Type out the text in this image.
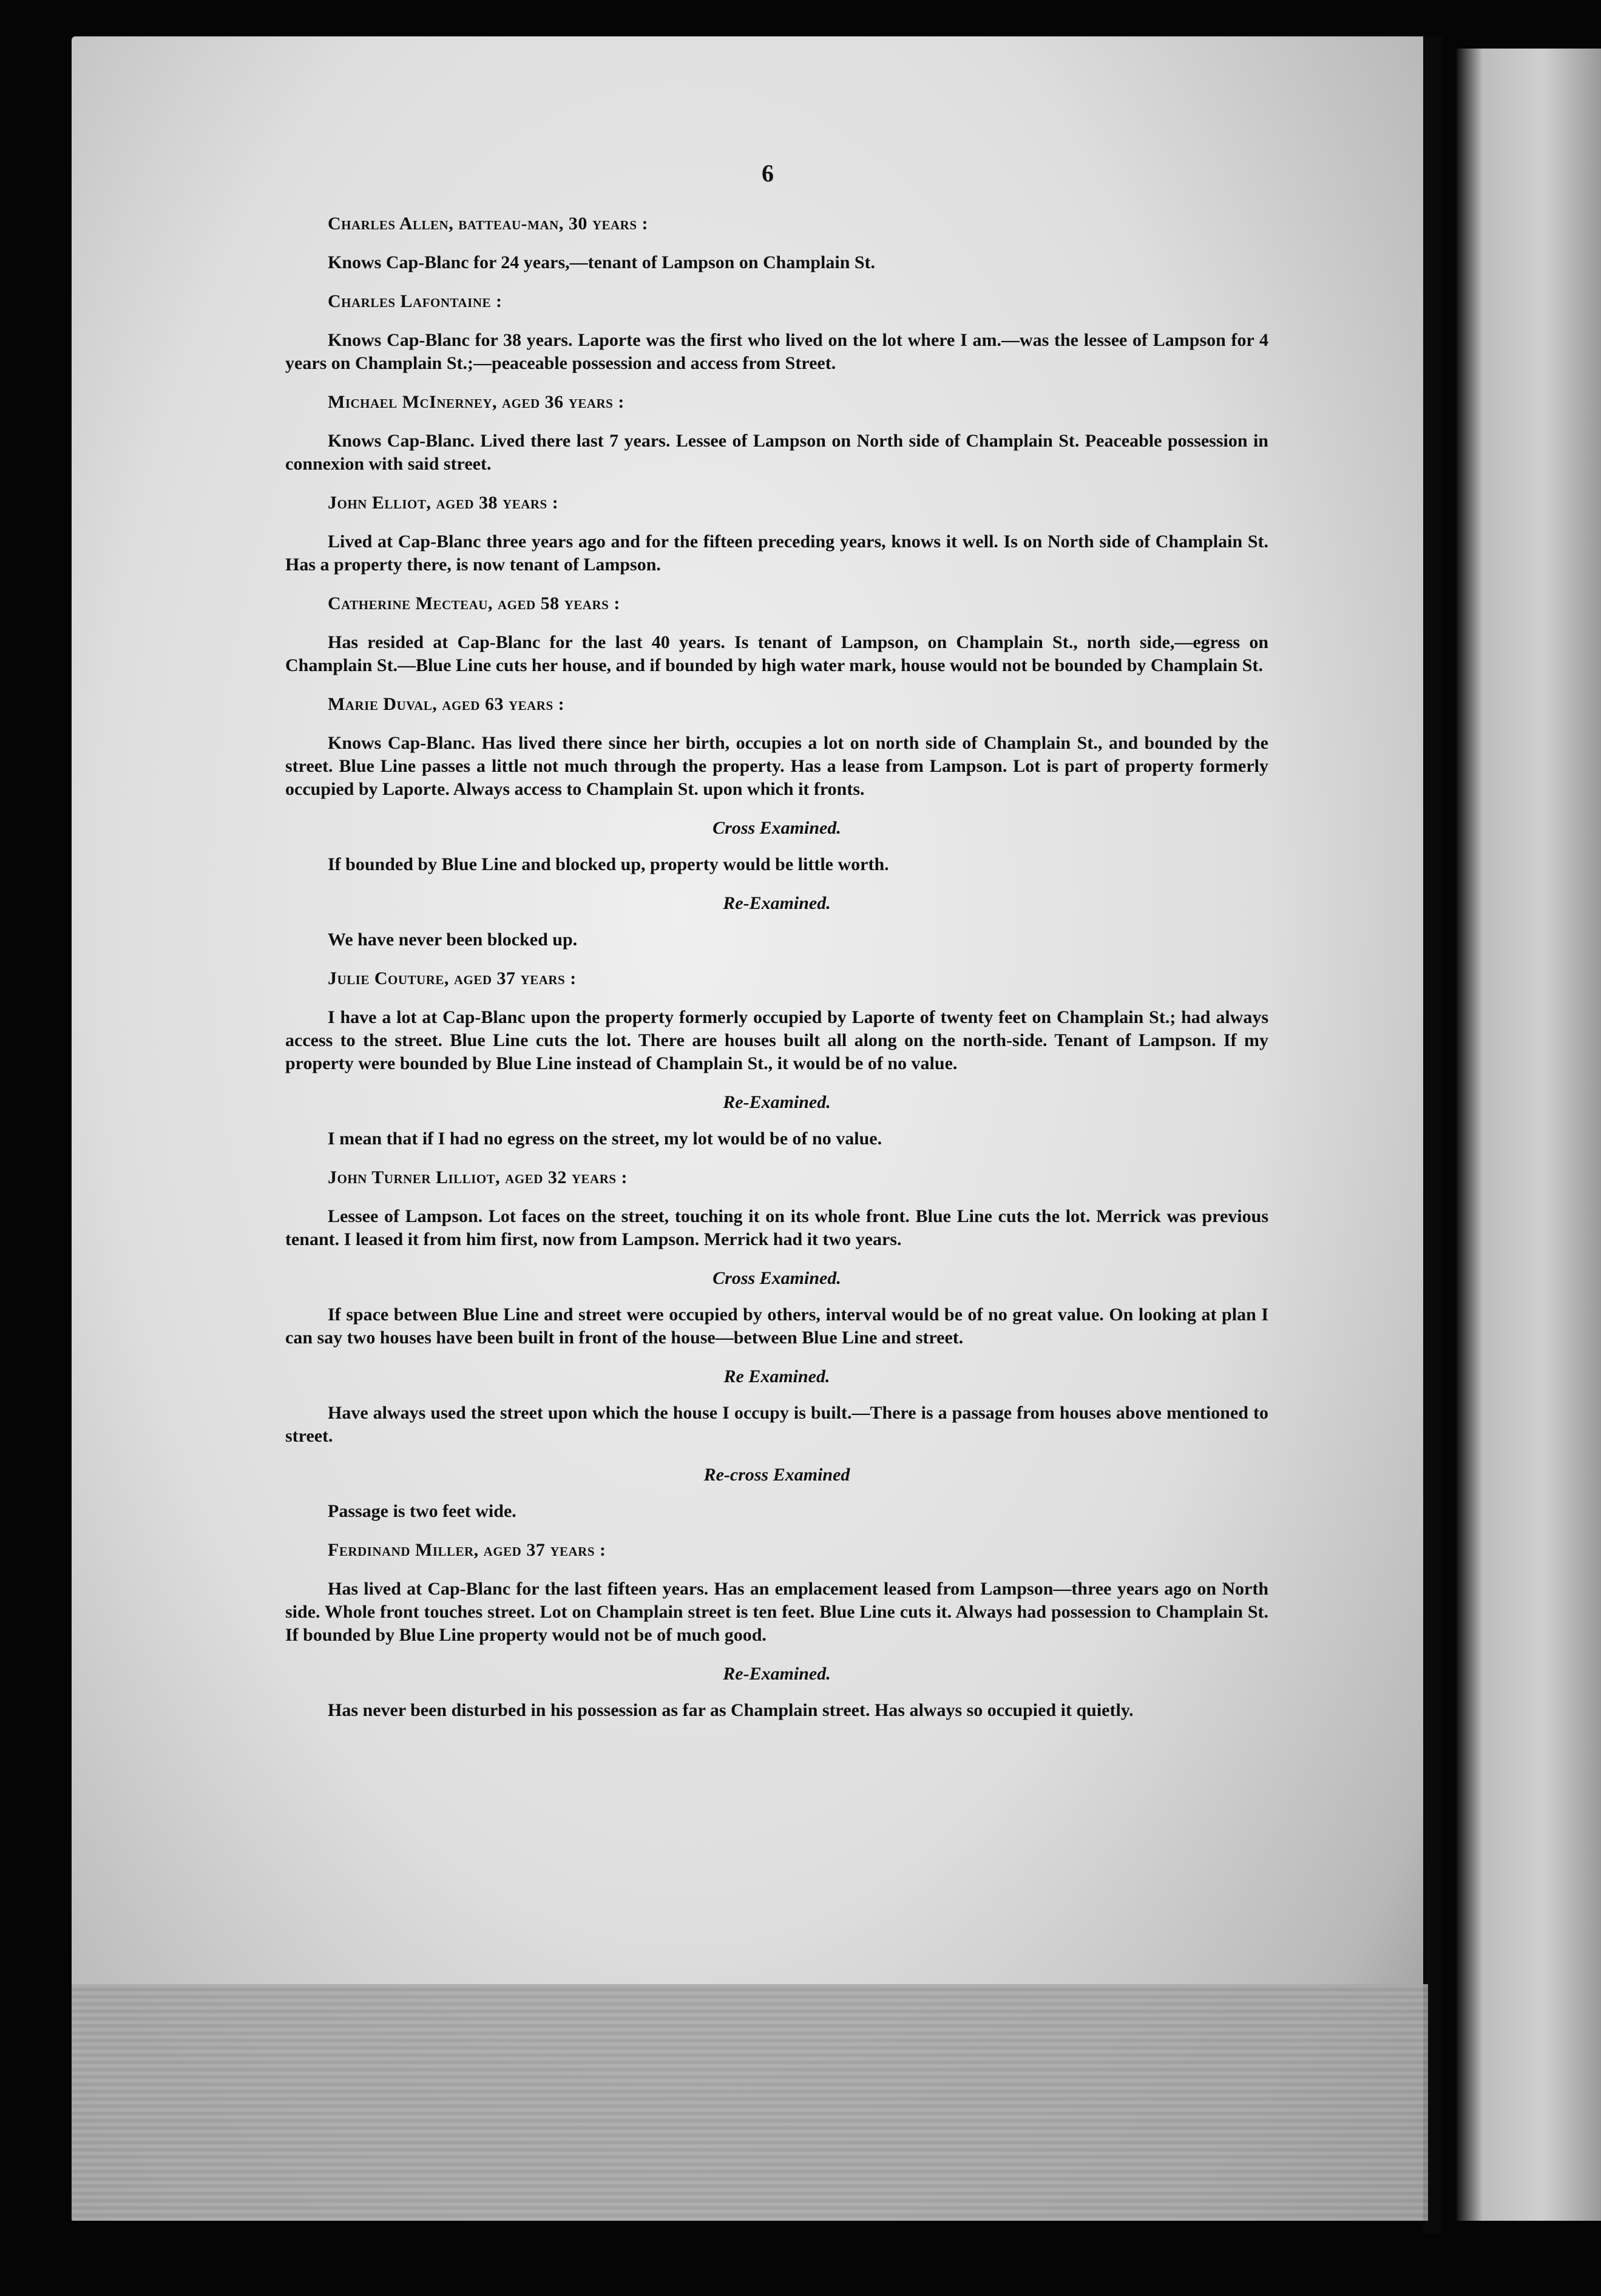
6

Charles Allen, batteau-man, 30 years :

Knows Cap-Blanc for 24 years,—tenant of Lampson on Champlain St.

Charles Lafontaine :

Knows Cap-Blanc for 38 years. Laporte was the first who lived on the lot where I am.—was the lessee of Lampson for 4 years on Champlain St.;—peaceable possession and access from Street.

Michael McInerney, aged 36 years :

Knows Cap-Blanc. Lived there last 7 years. Lessee of Lampson on North side of Champlain St. Peaceable possession in connexion with said street.

John Elliot, aged 38 years :

Lived at Cap-Blanc three years ago and for the fifteen preceding years, knows it well. Is on North side of Champlain St. Has a property there, is now tenant of Lampson.

Catherine Mecteau, aged 58 years :

Has resided at Cap-Blanc for the last 40 years. Is tenant of Lampson, on Champlain St., north side,—egress on Champlain St.—Blue Line cuts her house, and if bounded by high water mark, house would not be bounded by Champlain St.

Marie Duval, aged 63 years :

Knows Cap-Blanc. Has lived there since her birth, occupies a lot on north side of Champlain St., and bounded by the street. Blue Line passes a little not much through the property. Has a lease from Lampson. Lot is part of property formerly occupied by Laporte. Always access to Champlain St. upon which it fronts.

Cross Examined.

If bounded by Blue Line and blocked up, property would be little worth.

Re-Examined.

We have never been blocked up.

Julie Couture, aged 37 years :

I have a lot at Cap-Blanc upon the property formerly occupied by Laporte of twenty feet on Champlain St.; had always access to the street. Blue Line cuts the lot. There are houses built all along on the north-side. Tenant of Lampson. If my property were bounded by Blue Line instead of Champlain St., it would be of no value.

Re-Examined.

I mean that if I had no egress on the street, my lot would be of no value.

John Turner Lilliot, aged 32 years :

Lessee of Lampson. Lot faces on the street, touching it on its whole front. Blue Line cuts the lot. Merrick was previous tenant. I leased it from him first, now from Lampson. Merrick had it two years.

Cross Examined.

If space between Blue Line and street were occupied by others, interval would be of no great value. On looking at plan I can say two houses have been built in front of the house—between Blue Line and street.

Re Examined.

Have always used the street upon which the house I occupy is built.—There is a passage from houses above mentioned to street.

Re-cross Examined

Passage is two feet wide.

Ferdinand Miller, aged 37 years :

Has lived at Cap-Blanc for the last fifteen years. Has an emplacement leased from Lampson—three years ago on North side. Whole front touches street. Lot on Champlain street is ten feet. Blue Line cuts it. Always had possession to Champlain St. If bounded by Blue Line property would not be of much good.

Re-Examined.

Has never been disturbed in his possession as far as Champlain street. Has always so occupied it quietly.
